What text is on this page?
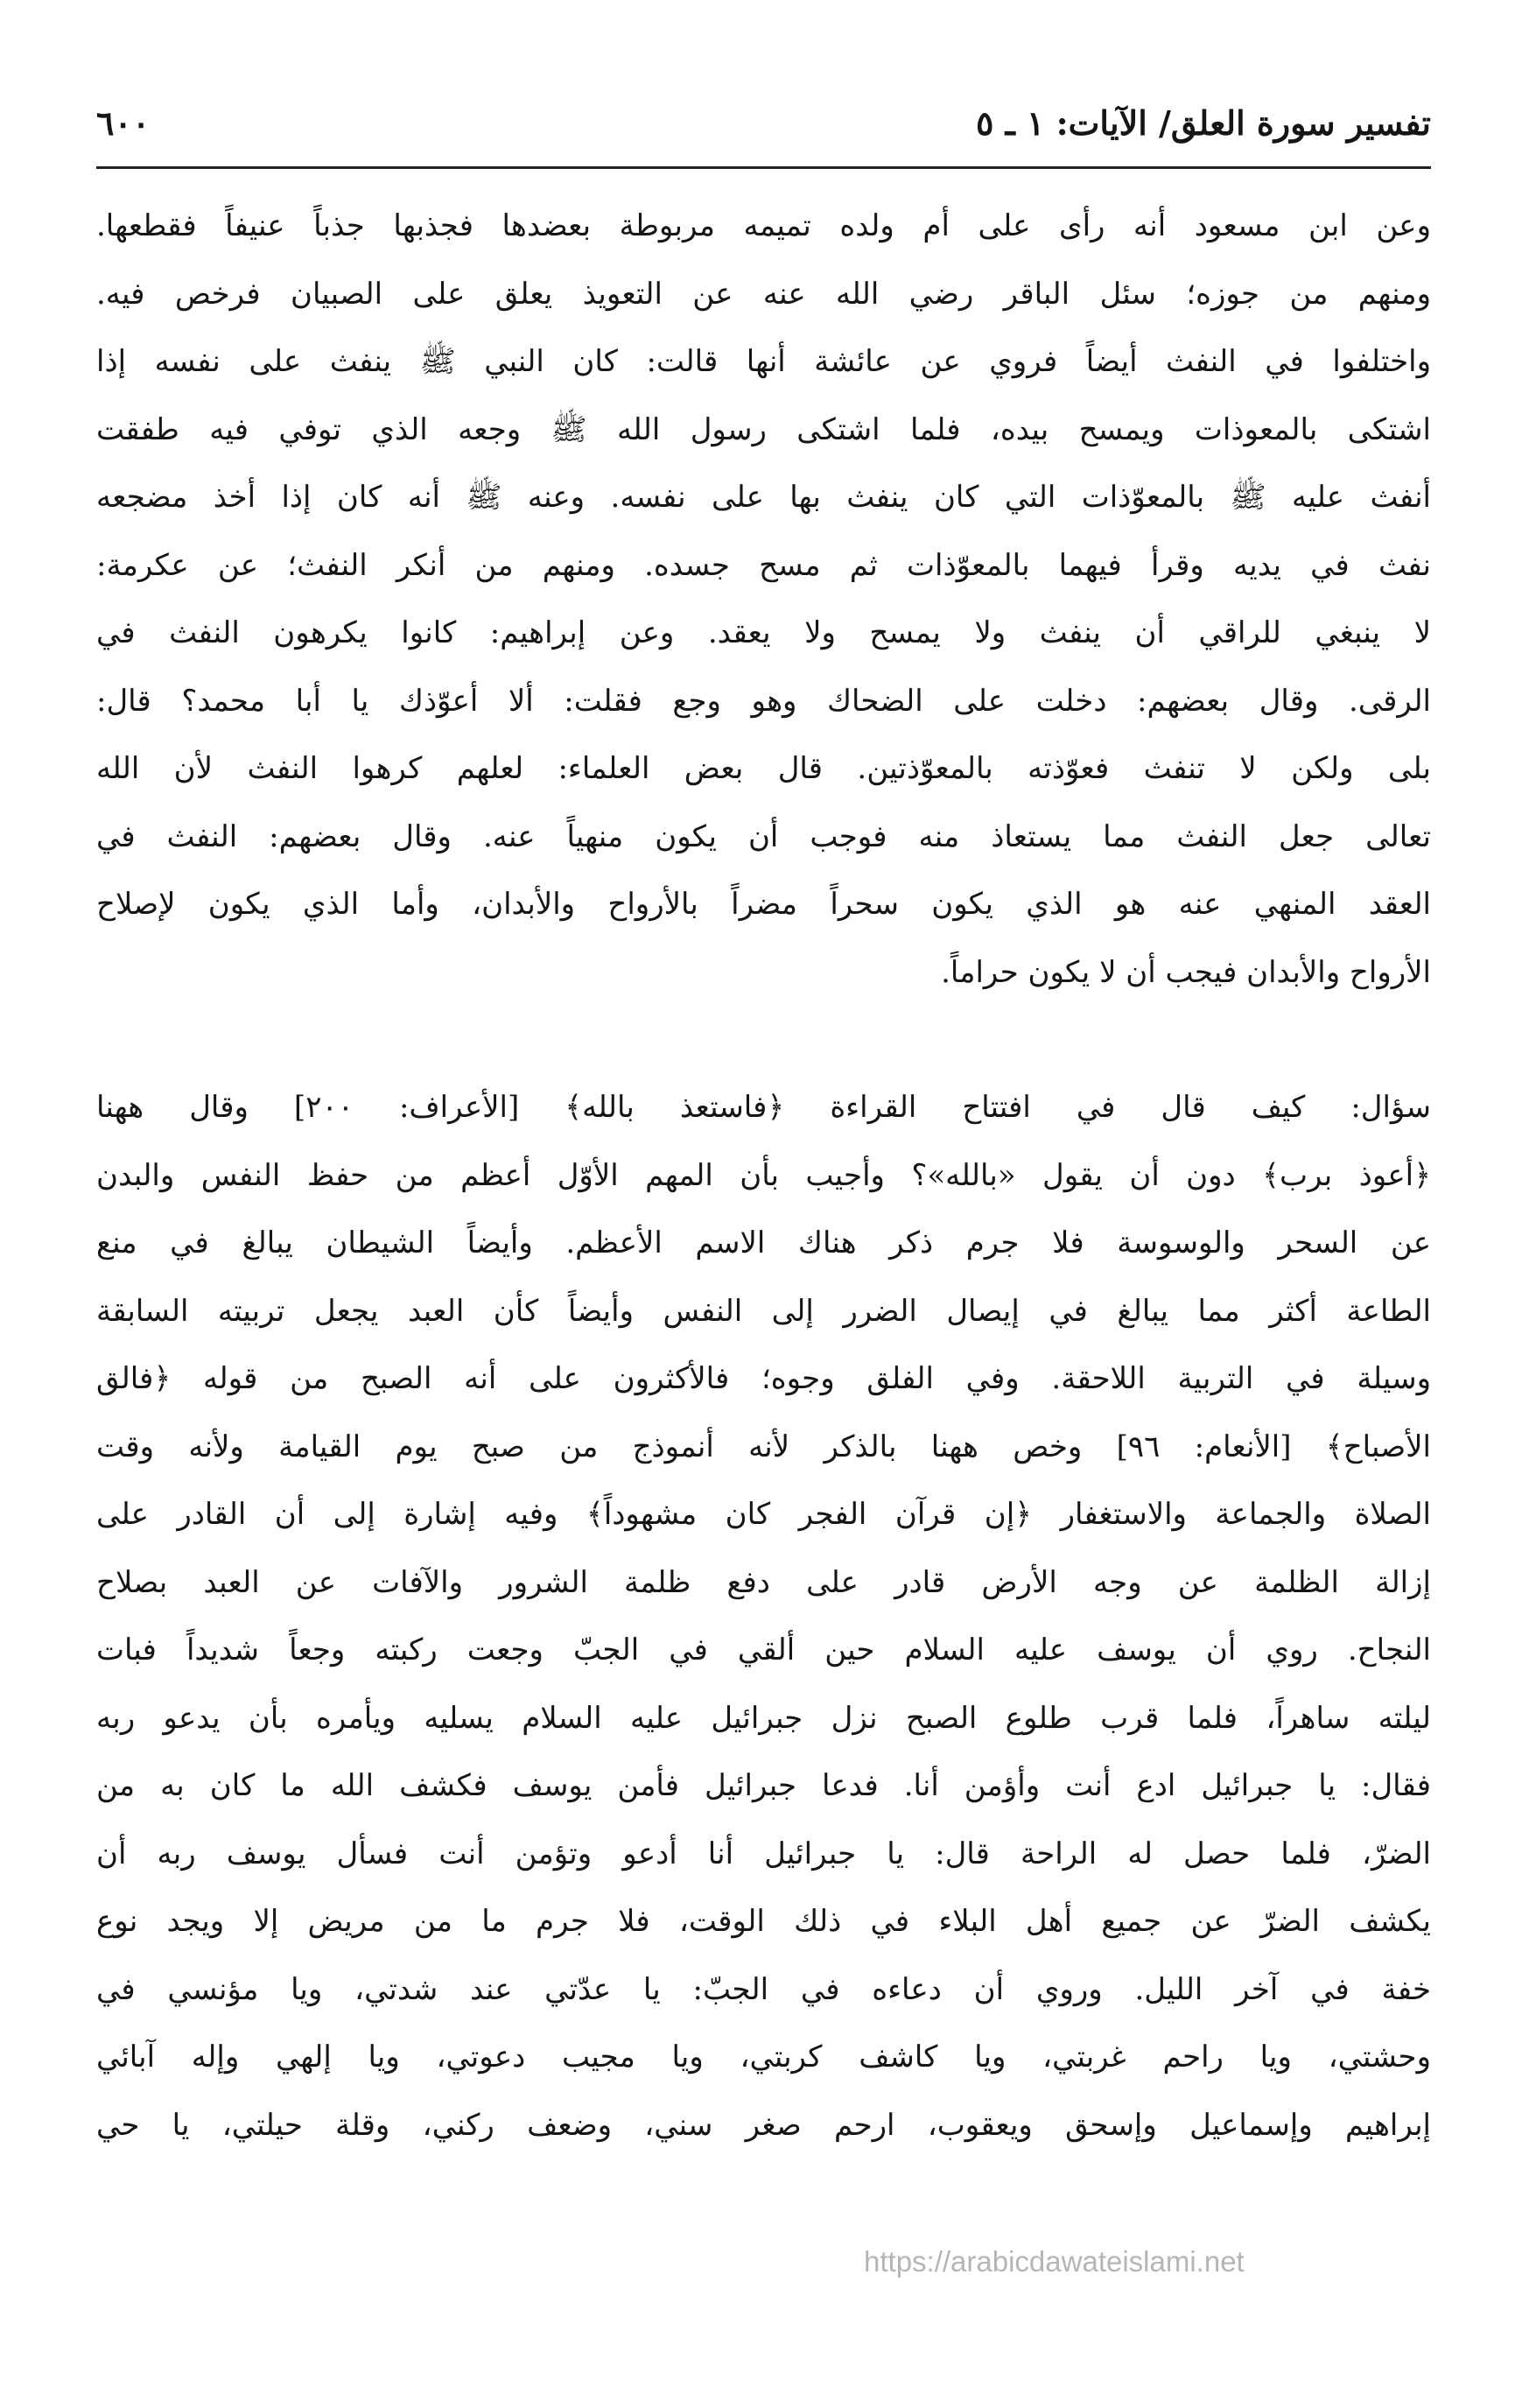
تفسير سورة العلق/ الآيات: ١ ـ ٥
٦٠٠
وعن ابن مسعود أنه رأى على أم ولده تميمه مربوطة بعضدها فجذبها جذباً عنيفاً فقطعها.
ومنهم من جوزه؛ سئل الباقر رضي الله عنه عن التعويذ يعلق على الصبيان فرخص فيه.
واختلفوا في النفث أيضاً فروي عن عائشة أنها قالت: كان النبي ﷺ ينفث على نفسه إذا
اشتكى بالمعوذات ويمسح بيده، فلما اشتكى رسول الله ﷺ وجعه الذي توفي فيه طفقت
أنفث عليه ﷺ بالمعوّذات التي كان ينفث بها على نفسه. وعنه ﷺ أنه كان إذا أخذ مضجعه
نفث في يديه وقرأ فيهما بالمعوّذات ثم مسح جسده. ومنهم من أنكر النفث؛ عن عكرمة:
لا ينبغي للراقي أن ينفث ولا يمسح ولا يعقد. وعن إبراهيم: كانوا يكرهون النفث في
الرقى. وقال بعضهم: دخلت على الضحاك وهو وجع فقلت: ألا أعوّذك يا أبا محمد؟ قال:
بلى ولكن لا تنفث فعوّذته بالمعوّذتين. قال بعض العلماء: لعلهم كرهوا النفث لأن الله
تعالى جعل النفث مما يستعاذ منه فوجب أن يكون منهياً عنه. وقال بعضهم: النفث في
العقد المنهي عنه هو الذي يكون سحراً مضراً بالأرواح والأبدان، وأما الذي يكون لإصلاح
الأرواح والأبدان فيجب أن لا يكون حراماً.
سؤال: كيف قال في افتتاح القراءة ﴿فاستعذ بالله﴾ [الأعراف: ٢٠٠] وقال ههنا
﴿أعوذ برب﴾ دون أن يقول «بالله»؟ وأجيب بأن المهم الأوّل أعظم من حفظ النفس والبدن
عن السحر والوسوسة فلا جرم ذكر هناك الاسم الأعظم. وأيضاً الشيطان يبالغ في منع
الطاعة أكثر مما يبالغ في إيصال الضرر إلى النفس وأيضاً كأن العبد يجعل تربيته السابقة
وسيلة في التربية اللاحقة. وفي الفلق وجوه؛ فالأكثرون على أنه الصبح من قوله ﴿فالق
الأصباح﴾ [الأنعام: ٩٦] وخص ههنا بالذكر لأنه أنموذج من صبح يوم القيامة ولأنه وقت
الصلاة والجماعة والاستغفار ﴿إن قرآن الفجر كان مشهوداً﴾ وفيه إشارة إلى أن القادر على
إزالة الظلمة عن وجه الأرض قادر على دفع ظلمة الشرور والآفات عن العبد بصلاح
النجاح. روي أن يوسف عليه السلام حين ألقي في الجبّ وجعت ركبته وجعاً شديداً فبات
ليلته ساهراً، فلما قرب طلوع الصبح نزل جبرائيل عليه السلام يسليه ويأمره بأن يدعو ربه
فقال: يا جبرائيل ادع أنت وأؤمن أنا. فدعا جبرائيل فأمن يوسف فكشف الله ما كان به من
الضرّ، فلما حصل له الراحة قال: يا جبرائيل أنا أدعو وتؤمن أنت فسأل يوسف ربه أن
يكشف الضرّ عن جميع أهل البلاء في ذلك الوقت، فلا جرم ما من مريض إلا ويجد نوع
خفة في آخر الليل. وروي أن دعاءه في الجبّ: يا عدّتي عند شدتي، ويا مؤنسي في
وحشتي، ويا راحم غربتي، ويا كاشف كربتي، ويا مجيب دعوتي، ويا إلهي وإله آبائي
إبراهيم وإسماعيل وإسحق ويعقوب، ارحم صغر سني، وضعف ركني، وقلة حيلتي، يا حي
https://arabicdawateislami.net
